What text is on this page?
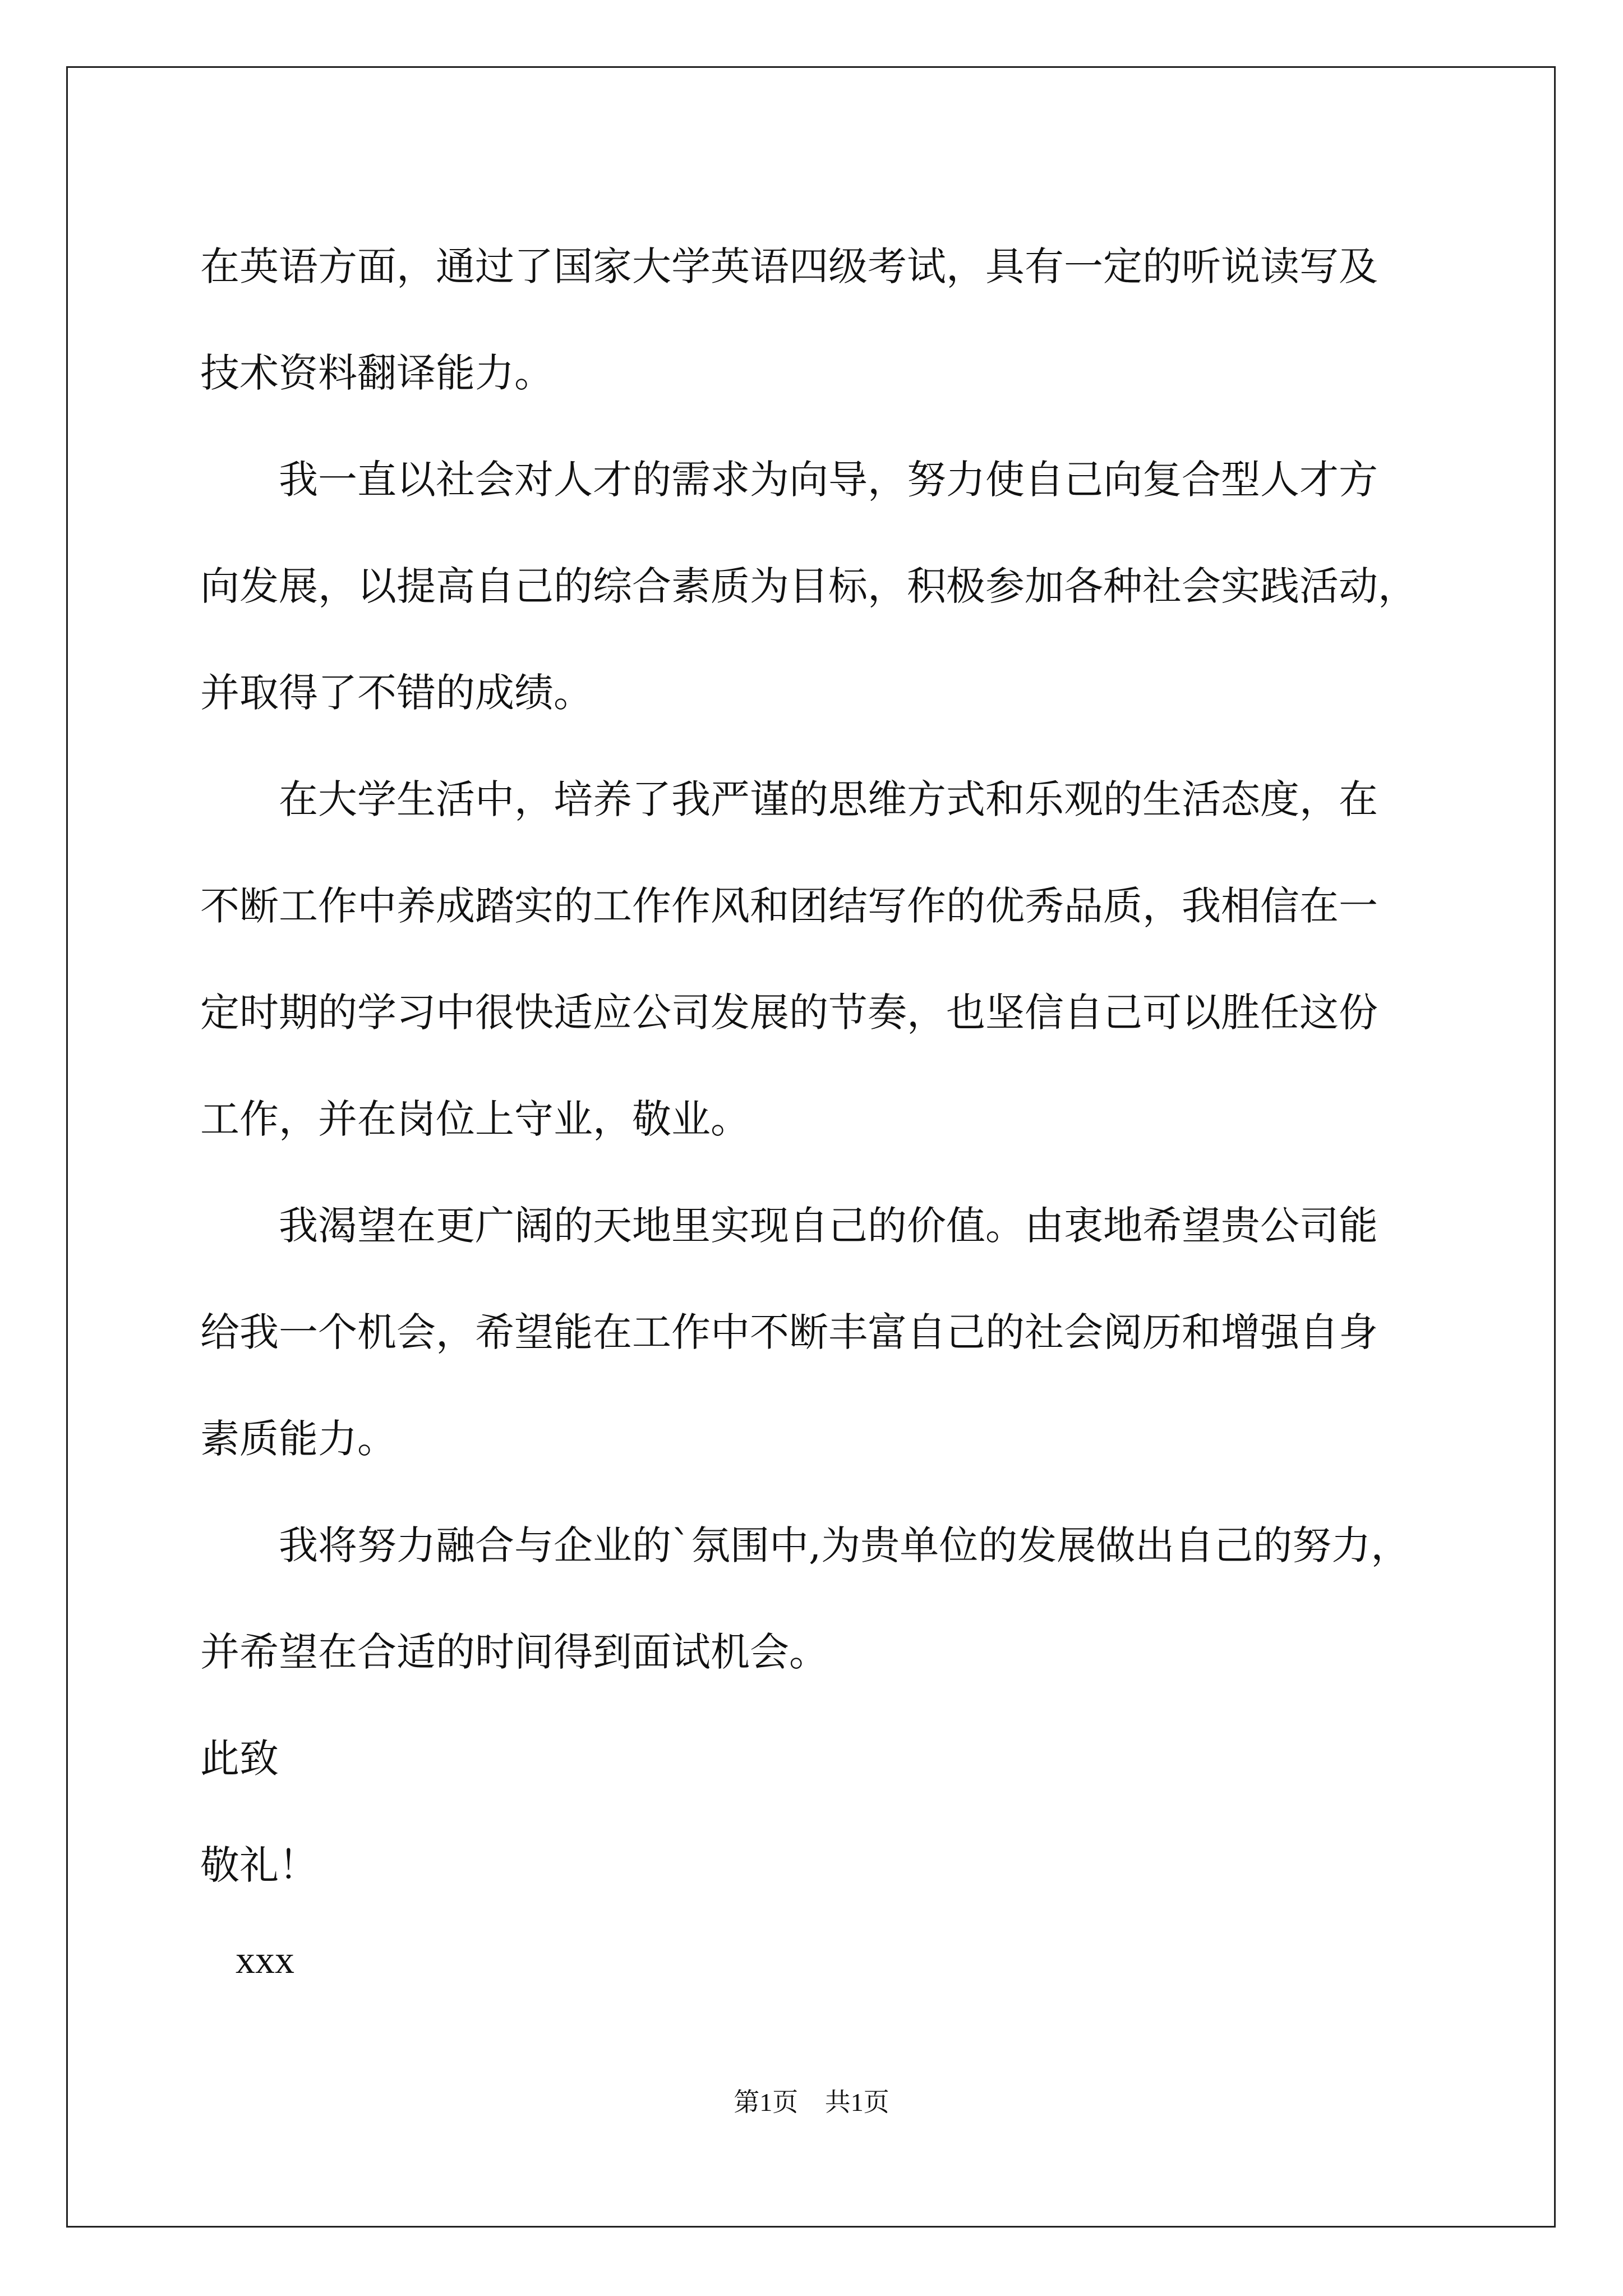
在英语方面，通过了国家大学英语四级考试，具有一定的听说读写及
技术资料翻译能力。
　　我一直以社会对人才的需求为向导，努力使自己向复合型人才方
向发展，以提高自己的综合素质为目标，积极参加各种社会实践活动，
并取得了不错的成绩。
　　在大学生活中，培养了我严谨的思维方式和乐观的生活态度，在
不断工作中养成踏实的工作作风和团结写作的优秀品质，我相信在一
定时期的学习中很快适应公司发展的节奏，也坚信自己可以胜任这份
工作，并在岗位上守业，敬业。
　　我渴望在更广阔的天地里实现自己的价值。由衷地希望贵公司能
给我一个机会，希望能在工作中不断丰富自己的社会阅历和增强自身
素质能力。
　　我将努力融合与企业的`氛围中,为贵单位的发展做出自己的努力，
并希望在合适的时间得到面试机会。
此致
敬礼！
xxx
第1页 共1页
